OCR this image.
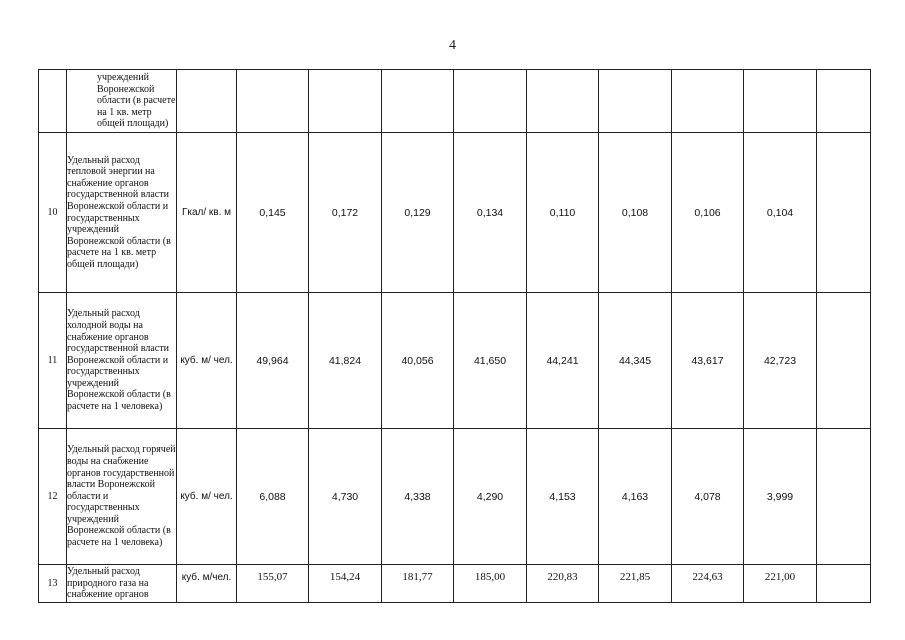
4

	учреждений Воронежской области (в расчете на 1 кв. метр общей площади)										

10	Удельный расход тепловой энергии на снабжение органов государственной власти Воронежской области и государственных учреждений Воронежской области (в расчете на 1 кв. метр общей площади)	Гкал/ кв. м	0,145	0,172	0,129	0,134	0,110	0,108	0,106	0,104	
11	Удельный расход холодной воды на снабжение органов государственной власти Воронежской области и государственных учреждений Воронежской области (в расчете на 1 человека)	куб. м/ чел.	49,964	41,824	40,056	41,650	44,241	44,345	43,617	42,723	
12	Удельный расход горячей воды на снабжение органов государственной власти Воронежской области и государственных учреждений Воронежской области (в расчете на 1 человека)	куб. м/ чел.	6,088	4,730	4,338	4,290	4,153	4,163	4,078	3,999	
13	Удельный расход природного газа на снабжение органов	куб. м/чел.	155,07	154,24	181,77	185,00	220,83	221,85	224,63	221,00	
